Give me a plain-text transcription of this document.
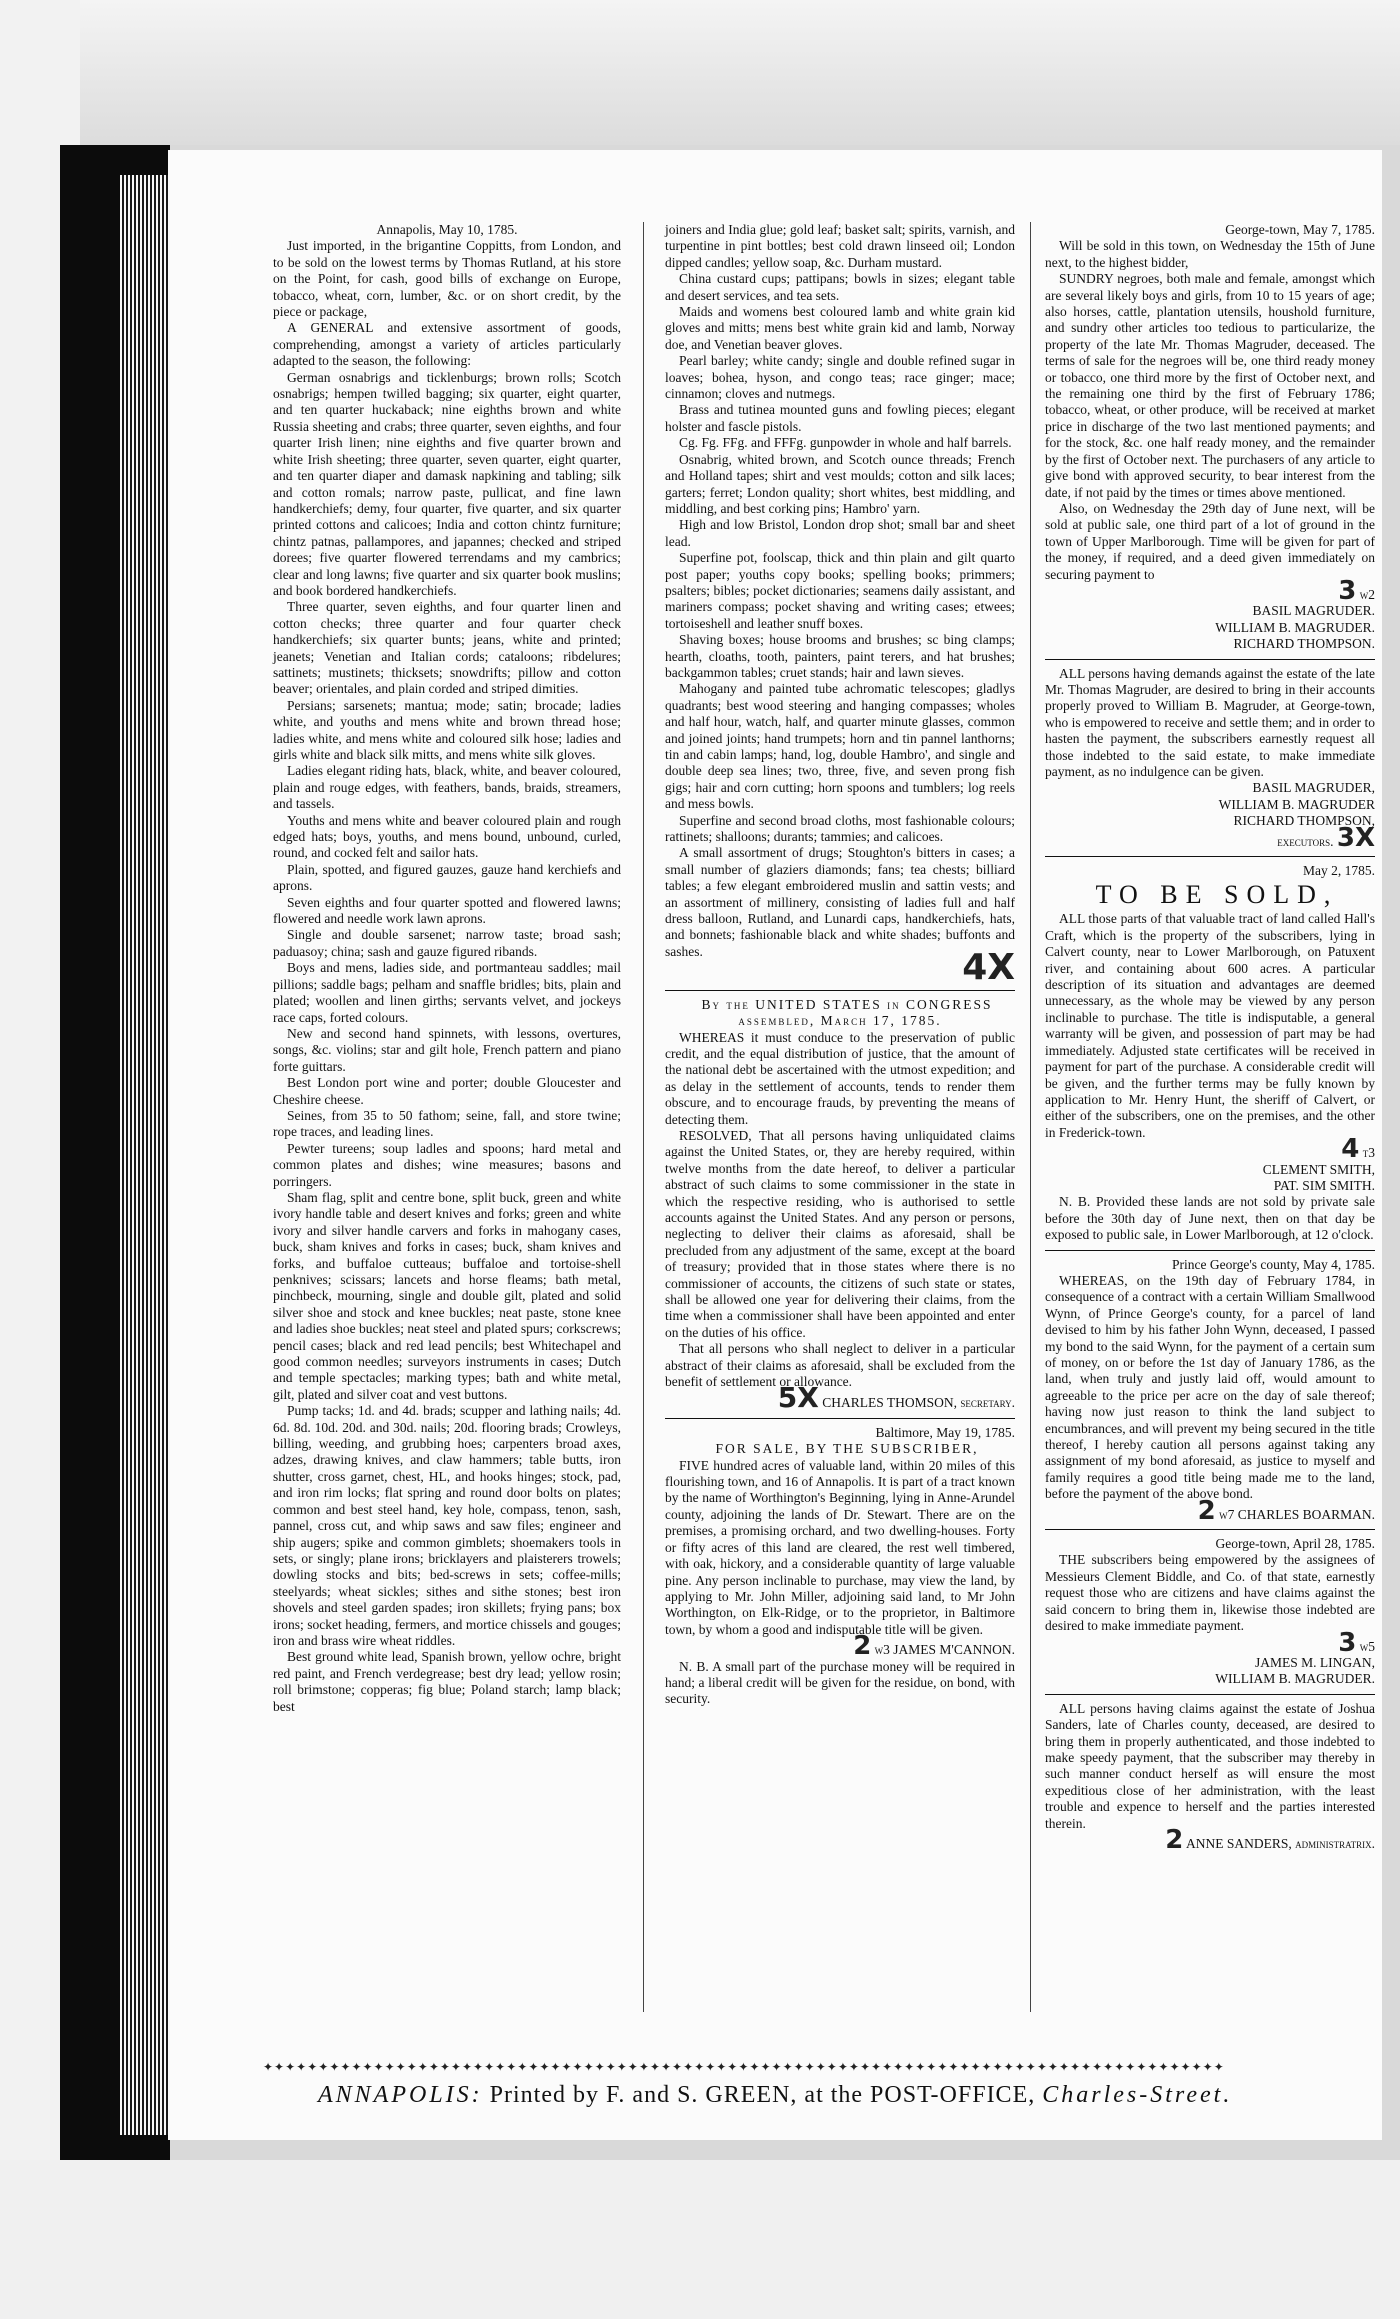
Annapolis, May 10, 1785.

Just imported, in the brigantine Coppitts, from London, and to be sold on the lowest terms by Thomas Rutland, at his store on the Point, for cash, good bills of exchange on Europe, tobacco, wheat, corn, lumber, &c. or on short credit, by the piece or package,

A GENERAL and extensive assortment of goods, comprehending, amongst a variety of articles particularly adapted to the season, the following:

German osnabrigs and ticklenburgs; brown rolls; Scotch osnabrigs; hempen twilled bagging; six quarter, eight quarter, and ten quarter huckaback; nine eighths brown and white Russia sheeting and crabs; three quarter, seven eighths, and four quarter Irish linen; nine eighths and five quarter brown and white Irish sheeting; three quarter, seven quarter, eight quarter, and ten quarter diaper and damask napkining and tabling; silk and cotton romals; narrow paste, pullicat, and fine lawn handkerchiefs; demy, four quarter, five quarter, and six quarter printed cottons and calicoes; India and cotton chintz furniture; chintz patnas, pallampores, and japannes; checked and striped dorees; five quarter flowered terrendams and my cambrics; clear and long lawns; five quarter and six quarter book muslins; and book bordered handkerchiefs.

Three quarter, seven eighths, and four quarter linen and cotton checks; three quarter and four quarter check handkerchiefs; six quarter bunts; jeans, white and printed; jeanets; Venetian and Italian cords; cataloons; ribdelures; sattinets; mustinets; thicksets; snowdrifts; pillow and cotton beaver; orientales, and plain corded and striped dimities.

Persians; sarsenets; mantua; mode; satin; brocade; ladies white, and youths and mens white and brown thread hose; ladies white, and mens white and coloured silk hose; ladies and girls white and black silk mitts, and mens white silk gloves.

Ladies elegant riding hats, black, white, and beaver coloured, plain and rouge edges, with feathers, bands, braids, streamers, and tassels.

Youths and mens white and beaver coloured plain and rough edged hats; boys, youths, and mens bound, unbound, curled, round, and cocked felt and sailor hats.

Plain, spotted, and figured gauzes, gauze hand kerchiefs and aprons.

Seven eighths and four quarter spotted and flowered lawns; flowered and needle work lawn aprons.

Single and double sarsenet; narrow taste; broad sash; paduasoy; china; sash and gauze figured ribands.

Boys and mens, ladies side, and portmanteau saddles; mail pillions; saddle bags; pelham and snaffle bridles; bits, plain and plated; woollen and linen girths; servants velvet, and jockeys race caps, forted colours.

New and second hand spinnets, with lessons, overtures, songs, &c. violins; star and gilt hole, French pattern and piano forte guittars.

Best London port wine and porter; double Gloucester and Cheshire cheese.

Seines, from 35 to 50 fathom; seine, fall, and store twine; rope traces, and leading lines.

Pewter tureens; soup ladles and spoons; hard metal and common plates and dishes; wine measures; basons and porringers.

Sham flag, split and centre bone, split buck, green and white ivory handle table and desert knives and forks; green and white ivory and silver handle carvers and forks in mahogany cases, buck, sham knives and forks in cases; buck, sham knives and forks, and buffaloe cutteaus; buffaloe and tortoise-shell penknives; scissars; lancets and horse fleams; bath metal, pinchbeck, mourning, single and double gilt, plated and solid silver shoe and stock and knee buckles; neat paste, stone knee and ladies shoe buckles; neat steel and plated spurs; corkscrews; pencil cases; black and red lead pencils; best Whitechapel and good common needles; surveyors instruments in cases; Dutch and temple spectacles; marking types; bath and white metal, gilt, plated and silver coat and vest buttons.

Pump tacks; 1d. and 4d. brads; scupper and lathing nails; 4d. 6d. 8d. 10d. 20d. and 30d. nails; 20d. flooring brads; Crowleys, billing, weeding, and grubbing hoes; carpenters broad axes, adzes, drawing knives, and claw hammers; table butts, iron shutter, cross garnet, chest, HL, and hooks hinges; stock, pad, and iron rim locks; flat spring and round door bolts on plates; common and best steel hand, key hole, compass, tenon, sash, pannel, cross cut, and whip saws and saw files; engineer and ship augers; spike and common gimblets; shoemakers tools in sets, or singly; plane irons; bricklayers and plaisterers trowels; dowling stocks and bits; bed-screws in sets; coffee-mills; steelyards; wheat sickles; sithes and sithe stones; best iron shovels and steel garden spades; iron skillets; frying pans; box irons; socket heading, fermers, and mortice chissels and gouges; iron and brass wire wheat riddles.

Best ground white lead, Spanish brown, yellow ochre, bright red paint, and French verdegrease; best dry lead; yellow rosin; roll brimstone; copperas; fig blue; Poland starch; lamp black; best

joiners and India glue; gold leaf; basket salt; spirits, varnish, and turpentine in pint bottles; best cold drawn linseed oil; London dipped candles; yellow soap, &c. Durham mustard.

China custard cups; pattipans; bowls in sizes; elegant table and desert services, and tea sets.

Maids and womens best coloured lamb and white grain kid gloves and mitts; mens best white grain kid and lamb, Norway doe, and Venetian beaver gloves.

Pearl barley; white candy; single and double refined sugar in loaves; bohea, hyson, and congo teas; race ginger; mace; cinnamon; cloves and nutmegs.

Brass and tutinea mounted guns and fowling pieces; elegant holster and fascle pistols.

Cg. Fg. FFg. and FFFg. gunpowder in whole and half barrels.

Osnabrig, whited brown, and Scotch ounce threads; French and Holland tapes; shirt and vest moulds; cotton and silk laces; garters; ferret; London quality; short whites, best middling, and middling, and best corking pins; Hambro' yarn.

High and low Bristol, London drop shot; small bar and sheet lead.

Superfine pot, foolscap, thick and thin plain and gilt quarto post paper; youths copy books; spelling books; primmers; psalters; bibles; pocket dictionaries; seamens daily assistant, and mariners compass; pocket shaving and writing cases; etwees; tortoiseshell and leather snuff boxes.

Shaving boxes; house brooms and brushes; sc bing clamps; hearth, cloaths, tooth, painters, paint terers, and hat brushes; backgammon tables; cruet stands; hair and lawn sieves.

Mahogany and painted tube achromatic telescopes; gladlys quadrants; best wood steering and hanging compasses; wholes and half hour, watch, half, and quarter minute glasses, common and joined joints; hand trumpets; horn and tin pannel lanthorns; tin and cabin lamps; hand, log, double Hambro', and single and double deep sea lines; two, three, five, and seven prong fish gigs; hair and corn cutting; horn spoons and tumblers; log reels and mess bowls.

Superfine and second broad cloths, most fashionable colours; rattinets; shalloons; durants; tammies; and calicoes.

A small assortment of drugs; Stoughton's bitters in cases; a small number of glaziers diamonds; fans; tea chests; billiard tables; a few elegant embroidered muslin and sattin vests; and an assortment of millinery, consisting of ladies full and half dress balloon, Rutland, and Lunardi caps, handkerchiefs, hats, and bonnets; fashionable black and white shades; buffonts and sashes.	4X

By the UNITED STATES in CONGRESS assembled, March 17, 1785.

WHEREAS it must conduce to the preservation of public credit, and the equal distribution of justice, that the amount of the national debt be ascertained with the utmost expedition; and as delay in the settlement of accounts, tends to render them obscure, and to encourage frauds, by preventing the means of detecting them.

RESOLVED, That all persons having unliquidated claims against the United States, or, they are hereby required, within twelve months from the date hereof, to deliver a particular abstract of such claims to some commissioner in the state in which the respective residing, who is authorised to settle accounts against the United States. And any person or persons, neglecting to deliver their claims as aforesaid, shall be precluded from any adjustment of the same, except at the board of treasury; provided that in those states where there is no commissioner of accounts, the citizens of such state or states, shall be allowed one year for delivering their claims, from the time when a commissioner shall have been appointed and enter on the duties of his office.

That all persons who shall neglect to deliver in a particular abstract of their claims as aforesaid, shall be excluded from the benefit of settlement or allowance.

5X CHARLES THOMSON, secretary.

Baltimore, May 19, 1785.

FOR SALE, BY THE SUBSCRIBER,

FIVE hundred acres of valuable land, within 20 miles of this flourishing town, and 16 of Annapolis. It is part of a tract known by the name of Worthington's Beginning, lying in Anne-Arundel county, adjoining the lands of Dr. Stewart. There are on the premises, a promising orchard, and two dwelling-houses. Forty or fifty acres of this land are cleared, the rest well timbered, with oak, hickory, and a considerable quantity of large valuable pine. Any person inclinable to purchase, may view the land, by applying to Mr. John Miller, adjoining said land, to Mr John Worthington, on Elk-Ridge, or to the proprietor, in Baltimore town, by whom a good and indisputable title will be given.

2 w3 JAMES M'CANNON.

N. B. A small part of the purchase money will be required in hand; a liberal credit will be given for the residue, on bond, with security.

George-town, May 7, 1785.

Will be sold in this town, on Wednesday the 15th of June next, to the highest bidder,

SUNDRY negroes, both male and female, amongst which are several likely boys and girls, from 10 to 15 years of age; also horses, cattle, plantation utensils, houshold furniture, and sundry other articles too tedious to particularize, the property of the late Mr. Thomas Magruder, deceased. The terms of sale for the negroes will be, one third ready money or tobacco, one third more by the first of October next, and the remaining one third by the first of February 1786; tobacco, wheat, or other produce, will be received at market price in discharge of the two last mentioned payments; and for the stock, &c. one half ready money, and the remainder by the first of October next. The purchasers of any article to give bond with approved security, to bear interest from the date, if not paid by the times or times above mentioned.

Also, on Wednesday the 29th day of June next, will be sold at public sale, one third part of a lot of ground in the town of Upper Marlborough. Time will be given for part of the money, if required, and a deed given immediately on securing payment to

3 w2

BASIL MAGRUDER.

WILLIAM B. MAGRUDER.

RICHARD THOMPSON.

ALL persons having demands against the estate of the late Mr. Thomas Magruder, are desired to bring in their accounts properly proved to William B. Magruder, at George-town, who is empowered to receive and settle them; and in order to hasten the payment, the subscribers earnestly request all those indebted to the said estate, to make immediate payment, as no indulgence can be given.

BASIL MAGRUDER,

WILLIAM B. MAGRUDER

RICHARD THOMPSON,

executors. 3X

May 2, 1785.

TO BE SOLD,

ALL those parts of that valuable tract of land called Hall's Craft, which is the property of the subscribers, lying in Calvert county, near to Lower Marlborough, on Patuxent river, and containing about 600 acres. A particular description of its situation and advantages are deemed unnecessary, as the whole may be viewed by any person inclinable to purchase. The title is indisputable, a general warranty will be given, and possession of part may be had immediately. Adjusted state certificates will be received in payment for part of the purchase. A considerable credit will be given, and the further terms may be fully known by application to Mr. Henry Hunt, the sheriff of Calvert, or either of the subscribers, one on the premises, and the other in Frederick-town.

4 t3

CLEMENT SMITH,

PAT. SIM SMITH.

N. B. Provided these lands are not sold by private sale before the 30th day of June next, then on that day be exposed to public sale, in Lower Marlborough, at 12 o'clock.

Prince George's county, May 4, 1785.

WHEREAS, on the 19th day of February 1784, in consequence of a contract with a certain William Smallwood Wynn, of Prince George's county, for a parcel of land devised to him by his father John Wynn, deceased, I passed my bond to the said Wynn, for the payment of a certain sum of money, on or before the 1st day of January 1786, as the land, when truly and justly laid off, would amount to agreeable to the price per acre on the day of sale thereof; having now just reason to think the land subject to encumbrances, and will prevent my being secured in the title thereof, I hereby caution all persons against taking any assignment of my bond aforesaid, as justice to myself and family requires a good title being made me to the land, before the payment of the above bond.

2 w7 CHARLES BOARMAN.

George-town, April 28, 1785.

THE subscribers being empowered by the assignees of Messieurs Clement Biddle, and Co. of that state, earnestly request those who are citizens and have claims against the said concern to bring them in, likewise those indebted are desired to make immediate payment.

3 w5

JAMES M. LINGAN,

WILLIAM B. MAGRUDER.

ALL persons having claims against the estate of Joshua Sanders, late of Charles county, deceased, are desired to bring them in properly authenticated, and those indebted to make speedy payment, that the subscriber may thereby in such manner conduct herself as will ensure the most expeditious close of her administration, with the least trouble and expence to herself and the parties interested therein.

2 ANNE SANDERS, administratrix.

✦✦✦✦✦✦✦✦✦✦✦✦✦✦✦✦✦✦✦✦✦✦✦✦✦✦✦✦✦✦✦✦✦✦✦✦✦✦✦✦✦✦✦✦✦✦✦✦✦✦✦✦✦✦✦✦✦✦✦✦✦✦✦✦✦✦✦✦✦✦✦✦✦✦✦✦✦✦✦✦✦✦✦✦✦✦✦
ANNAPOLIS: Printed by F. and S. GREEN, at the POST-OFFICE, Charles-Street.
